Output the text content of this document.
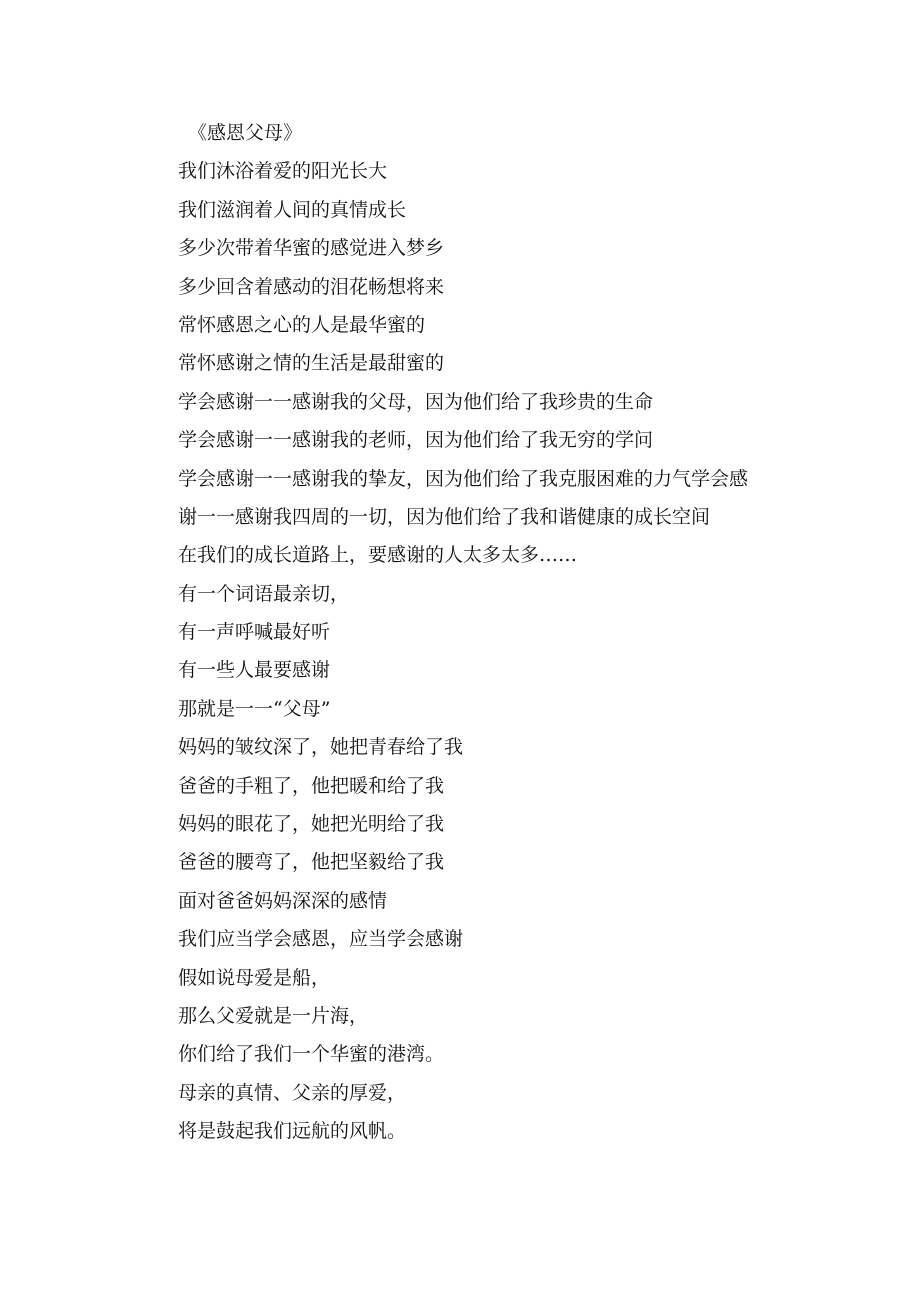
《感恩父母》
我们沐浴着爱的阳光长大
我们滋润着人间的真情成长
多少次带着华蜜的感觉进入梦乡
多少回含着感动的泪花畅想将来
常怀感恩之心的人是最华蜜的
常怀感谢之情的生活是最甜蜜的
学会感谢一一感谢我的父母，因为他们给了我珍贵的生命
学会感谢一一感谢我的老师，因为他们给了我无穷的学问
学会感谢一一感谢我的挚友，因为他们给了我克服困难的力气学会感
谢一一感谢我四周的一切，因为他们给了我和谐健康的成长空间
在我们的成长道路上，要感谢的人太多太多……
有一个词语最亲切，
有一声呼喊最好听
有一些人最要感谢
那就是一一“父母”
妈妈的皱纹深了，她把青春给了我
爸爸的手粗了，他把暖和给了我
妈妈的眼花了，她把光明给了我
爸爸的腰弯了，他把坚毅给了我
面对爸爸妈妈深深的感情
我们应当学会感恩，应当学会感谢
假如说母爱是船，
那么父爱就是一片海，
你们给了我们一个华蜜的港湾。
母亲的真情、父亲的厚爱，
将是鼓起我们远航的风帆。
